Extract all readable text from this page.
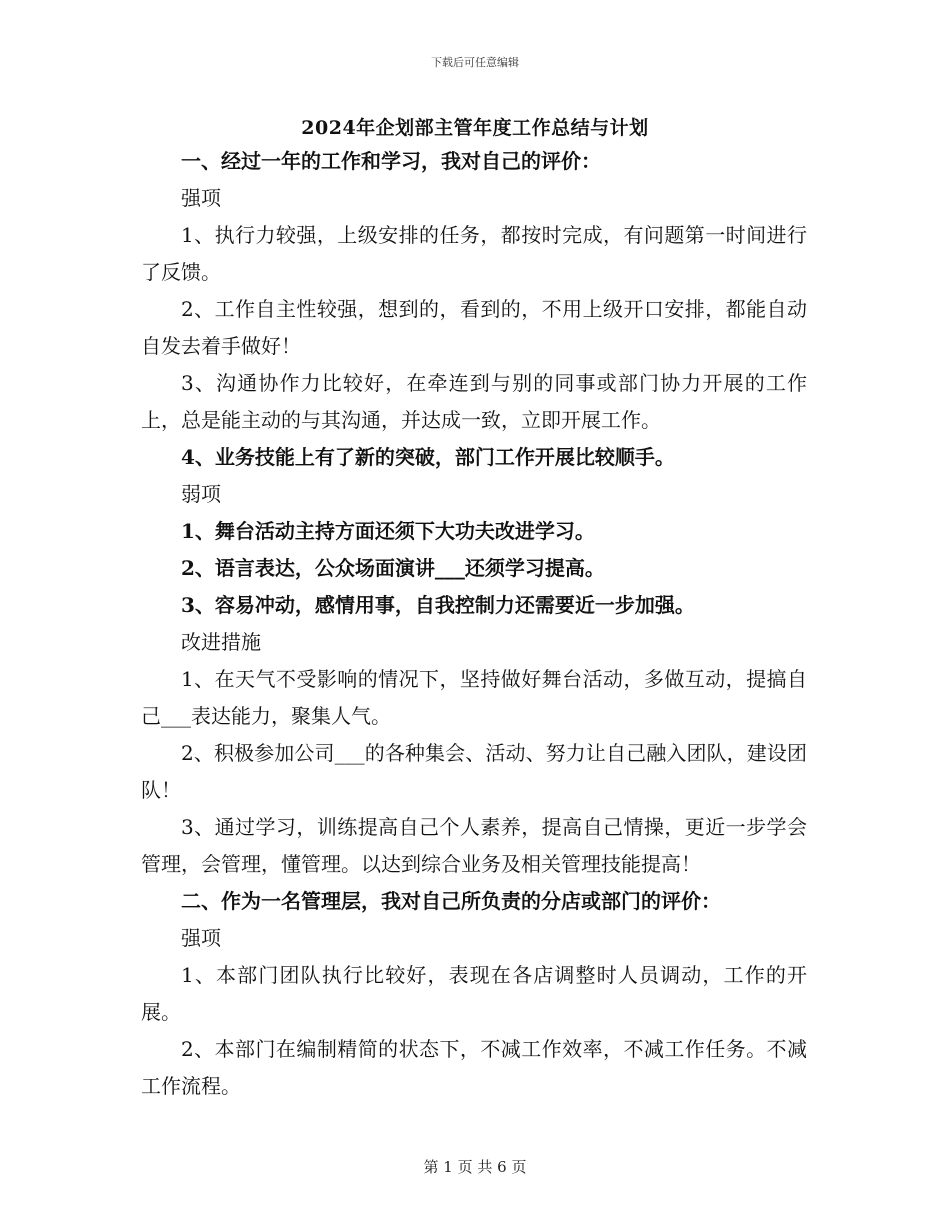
下载后可任意编辑
2024年企划部主管年度工作总结与计划

一、经过一年的工作和学习，我对自己的评价：

强项

1、执行力较强，上级安排的任务，都按时完成，有问题第一时间进行了反馈。

2、工作自主性较强，想到的，看到的，不用上级开口安排，都能自动自发去着手做好！

3、沟通协作力比较好，在牵连到与别的同事或部门协力开展的工作上，总是能主动的与其沟通，并达成一致，立即开展工作。

4、业务技能上有了新的突破，部门工作开展比较顺手。

弱项

1、舞台活动主持方面还须下大功夫改进学习。

2、语言表达，公众场面演讲___还须学习提高。

3、容易冲动，感情用事，自我控制力还需要近一步加强。

改进措施

1、在天气不受影响的情况下，坚持做好舞台活动，多做互动，提搞自己___表达能力，聚集人气。

2、积极参加公司___的各种集会、活动、努力让自己融入团队，建设团队！

3、通过学习，训练提高自己个人素养，提高自己情操，更近一步学会管理，会管理，懂管理。以达到综合业务及相关管理技能提高！

二、作为一名管理层，我对自己所负责的分店或部门的评价：

强项

1、本部门团队执行比较好，表现在各店调整时人员调动，工作的开展。

2、本部门在编制精简的状态下，不减工作效率，不减工作任务。不减工作流程。

第 1 页 共 6 页
